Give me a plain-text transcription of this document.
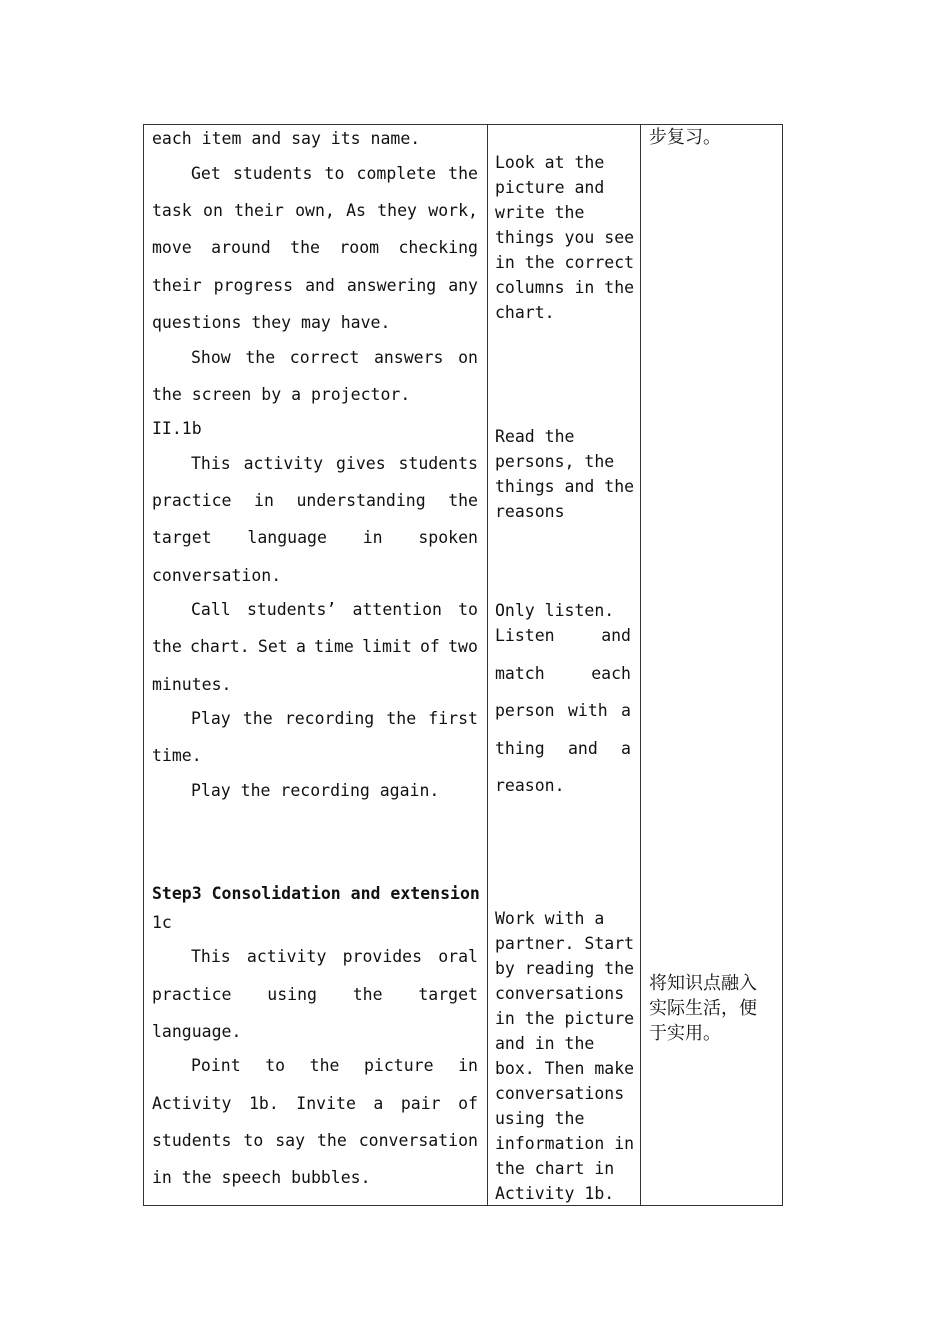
each item and say its name.
Get students to complete the
task on their own, As they work,
move around the room checking
their progress and answering any
questions they may have.
Show the correct answers on
the screen by a projector.
II.1b
This activity gives students
practice in understanding the
target language in spoken
conversation.
Call students’ attention to
the chart. Set a time limit of two
minutes.
Play the recording the first
time.
Play the recording again.
Step3 Consolidation and extension
1c
This activity provides oral
practice using the target
language.
Point to the picture in
Activity 1b. Invite a pair of
students to say the conversation
in the speech bubbles.

Look at the
picture and
write the
things you see
in the correct
columns in the
chart.
Read the
persons, the
things and the
reasons
Only listen.
Listen	and
match	each
person with a
thing and a
reason.
Work with a
partner. Start
by reading the
conversations
in the picture
and in the
box. Then make
conversations
using the
information in
the chart in
Activity 1b.

步复习。
将知识点融入
实际生活，便
于实用。
